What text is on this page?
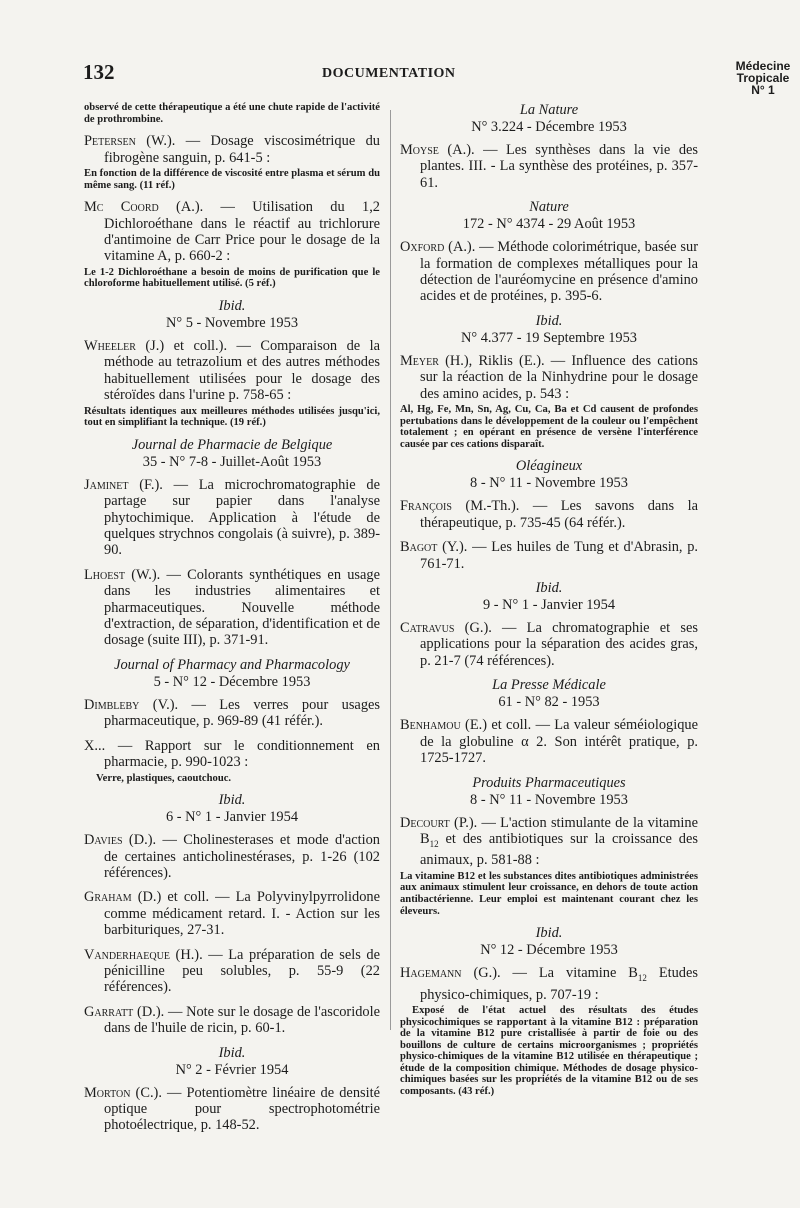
132	DOCUMENTATION	Médecine
Tropicale
N° 1
observé de cette thérapeutique a été une chute rapide de l'activité de prothrombine.
Petersen (W.). — Dosage viscosimétrique du fibrogène sanguin, p. 641-5 :
En fonction de la différence de viscosité entre plasma et sérum du même sang. (11 réf.)
Mc Coord (A.). — Utilisation du 1,2 Dichloroéthane dans le réactif au trichlorure d'antimoine de Carr Price pour le dosage de la vitamine A, p. 660-2 :
Le 1-2 Dichloroéthane a besoin de moins de purification que le chloroforme habituellement utilisé. (5 réf.)
Ibid.
N° 5 - Novembre 1953
Wheeler (J.) et coll.). — Comparaison de la méthode au tetrazolium et des autres méthodes habituellement utilisées pour le dosage des stéroïdes dans l'urine p. 758-65 :
Résultats identiques aux meilleures méthodes utilisées jusqu'ici, tout en simplifiant la technique. (19 réf.)
Journal de Pharmacie de Belgique
35 - N° 7-8 - Juillet-Août 1953
Jaminet (F.). — La microchromatographie de partage sur papier dans l'analyse phytochimique. Application à l'étude de quelques strychnos congolais (à suivre), p. 389-90.
Lhoest (W.). — Colorants synthétiques en usage dans les industries alimentaires et pharmaceutiques. Nouvelle méthode d'extraction, de séparation, d'identification et de dosage (suite III), p. 371-91.
Journal of Pharmacy and Pharmacology
5 - N° 12 - Décembre 1953
Dimbleby (V.). — Les verres pour usages pharmaceutique, p. 969-89 (41 référ.).
X... — Rapport sur le conditionnement en pharmacie, p. 990-1023 :
Verre, plastiques, caoutchouc.
Ibid.
6 - N° 1 - Janvier 1954
Davies (D.). — Cholinesterases et mode d'action de certaines anticholinestérases, p. 1-26 (102 références).
Graham (D.) et coll. — La Polyvinylpyrrolidone comme médicament retard. I. - Action sur les barbituriques, 27-31.
Vanderhaeque (H.). — La préparation de sels de pénicilline peu solubles, p. 55-9 (22 références).
Garratt (D.). — Note sur le dosage de l'ascoridole dans de l'huile de ricin, p. 60-1.
Ibid.
N° 2 - Février 1954
Morton (C.). — Potentiomètre linéaire de densité optique pour spectrophotométrie photoélectrique, p. 148-52.
La Nature
N° 3.224 - Décembre 1953
Moyse (A.). — Les synthèses dans la vie des plantes. III. - La synthèse des protéines, p. 357-61.
Nature
172 - N° 4374 - 29 Août 1953
Oxford (A.). — Méthode colorimétrique, basée sur la formation de complexes métalliques pour la détection de l'auréomycine en présence d'amino acides et de protéines, p. 395-6.
Ibid.
N° 4.377 - 19 Septembre 1953
Meyer (H.), Riklis (E.). — Influence des cations sur la réaction de la Ninhydrine pour le dosage des amino acides, p. 543 :
Al, Hg, Fe, Mn, Sn, Ag, Cu, Ca, Ba et Cd causent de profondes pertubations dans le développement de la couleur ou l'empêchent totalement ; en opérant en présence de versène l'interférence causée par ces cations disparaît.
Oléagineux
8 - N° 11 - Novembre 1953
François (M.-Th.). — Les savons dans la thérapeutique, p. 735-45 (64 référ.).
Bagot (Y.). — Les huiles de Tung et d'Abrasin, p. 761-71.
Ibid.
9 - N° 1 - Janvier 1954
Catravus (G.). — La chromatographie et ses applications pour la séparation des acides gras, p. 21-7 (74 références).
La Presse Médicale
61 - N° 82 - 1953
Benhamou (E.) et coll. — La valeur séméiologique de la globuline α 2. Son intérêt pratique, p. 1725-1727.
Produits Pharmaceutiques
8 - N° 11 - Novembre 1953
Decourt (P.). — L'action stimulante de la vitamine $B_{12}$ et des antibiotiques sur la croissance des animaux, p. 581-88 :
La vitamine B12 et les substances dites antibiotiques administrées aux animaux stimulent leur croissance, en dehors de toute action antibactérienne. Leur emploi est maintenant courant chez les éleveurs.
Ibid.
N° 12 - Décembre 1953
Hagemann (G.). — La vitamine $B_{12}$ Etudes physico-chimiques, p. 707-19 :
Exposé de l'état actuel des résultats des études physicochimiques se rapportant à la vitamine B12 : préparation de la vitamine B12 pure cristallisée à partir de foie ou des bouillons de culture de certains microorganismes ; propriétés physico-chimiques de la vitamine B12 utilisée en thérapeutique ; étude de la composition chimique. Méthodes de dosage physico-chimiques basées sur les propriétés de la vitamine B12 ou de ses composants. (43 réf.)
